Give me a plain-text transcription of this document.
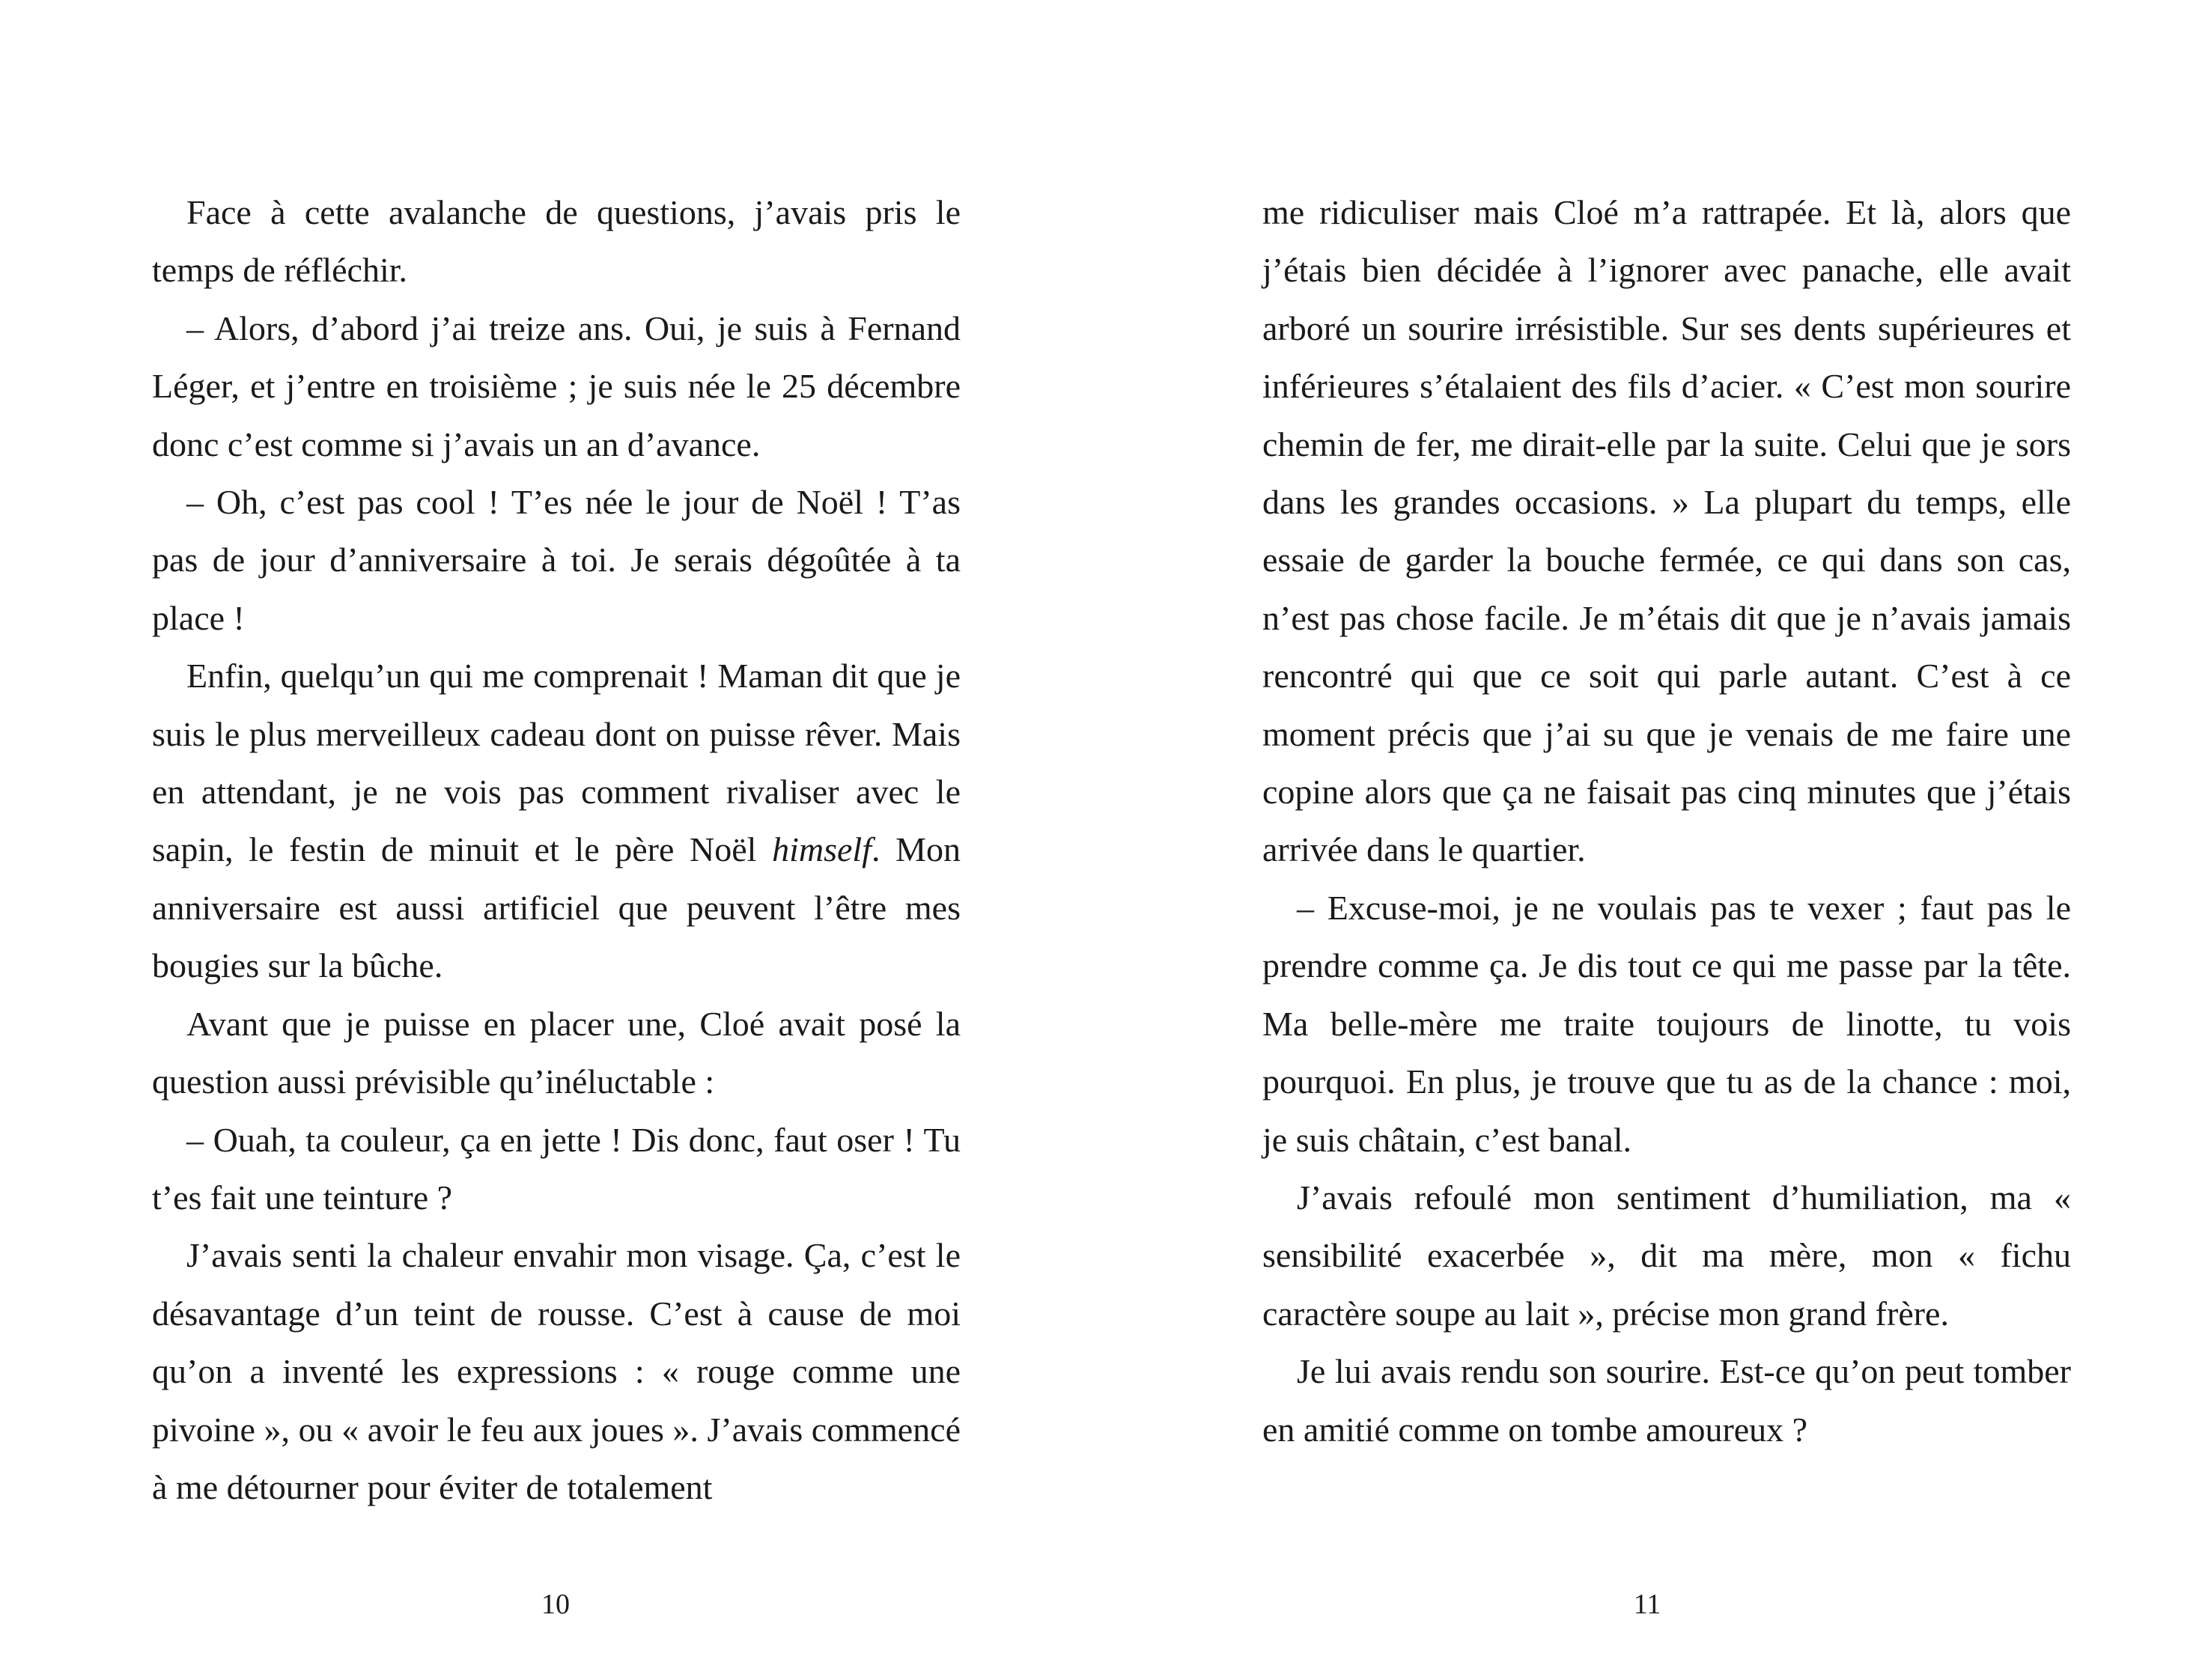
Face à cette avalanche de questions, j’avais pris le temps de réfléchir.

– Alors, d’abord j’ai treize ans. Oui, je suis à Fernand Léger, et j’entre en troisième ; je suis née le 25 décembre donc c’est comme si j’avais un an d’avance.

– Oh, c’est pas cool ! T’es née le jour de Noël ! T’as pas de jour d’anniversaire à toi. Je serais dégoûtée à ta place !

Enfin, quelqu’un qui me comprenait ! Maman dit que je suis le plus merveilleux cadeau dont on puisse rêver. Mais en attendant, je ne vois pas comment rivaliser avec le sapin, le festin de minuit et le père Noël himself. Mon anniversaire est aussi artificiel que peuvent l’être mes bougies sur la bûche.

Avant que je puisse en placer une, Cloé avait posé la question aussi prévisible qu’inéluctable :

– Ouah, ta couleur, ça en jette ! Dis donc, faut oser ! Tu t’es fait une teinture ?

J’avais senti la chaleur envahir mon visage. Ça, c’est le désavantage d’un teint de rousse. C’est à cause de moi qu’on a inventé les expressions : « rouge comme une pivoine », ou « avoir le feu aux joues ». J’avais commencé à me détourner pour éviter de totalement

10

me ridiculiser mais Cloé m’a rattrapée. Et là, alors que j’étais bien décidée à l’ignorer avec panache, elle avait arboré un sourire irrésistible. Sur ses dents supérieures et inférieures s’étalaient des fils d’acier. « C’est mon sourire chemin de fer, me dirait-elle par la suite. Celui que je sors dans les grandes occasions. » La plupart du temps, elle essaie de garder la bouche fermée, ce qui dans son cas, n’est pas chose facile. Je m’étais dit que je n’avais jamais rencontré qui que ce soit qui parle autant. C’est à ce moment précis que j’ai su que je venais de me faire une copine alors que ça ne faisait pas cinq minutes que j’étais arrivée dans le quartier.

– Excuse-moi, je ne voulais pas te vexer ; faut pas le prendre comme ça. Je dis tout ce qui me passe par la tête. Ma belle-mère me traite toujours de linotte, tu vois pourquoi. En plus, je trouve que tu as de la chance : moi, je suis châtain, c’est banal.

J’avais refoulé mon sentiment d’humiliation, ma « sensibilité exacerbée », dit ma mère, mon « fichu caractère soupe au lait », précise mon grand frère.

Je lui avais rendu son sourire. Est-ce qu’on peut tomber en amitié comme on tombe amoureux ?

11
